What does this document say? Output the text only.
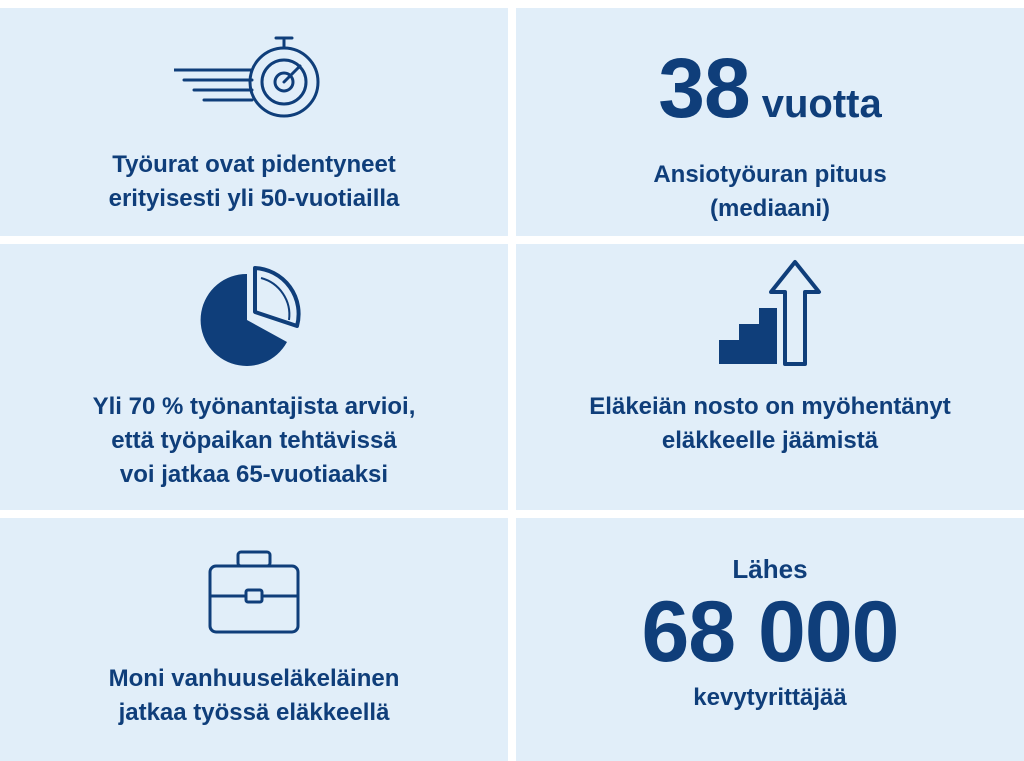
Työurat ovat pidentyneet
erityisesti yli 50-vuotiailla
38 vuotta
Ansiotyöuran pituus
(mediaani)
Yli 70 % työnantajista arvioi,
että työpaikan tehtävissä
voi jatkaa 65-vuotiaaksi
Eläkeiän nosto on myöhentänyt
eläkkeelle jäämistä
Moni vanhuuseläkeläinen
jatkaa työssä eläkkeellä
Lähes
68 000
kevytyrittäjää
